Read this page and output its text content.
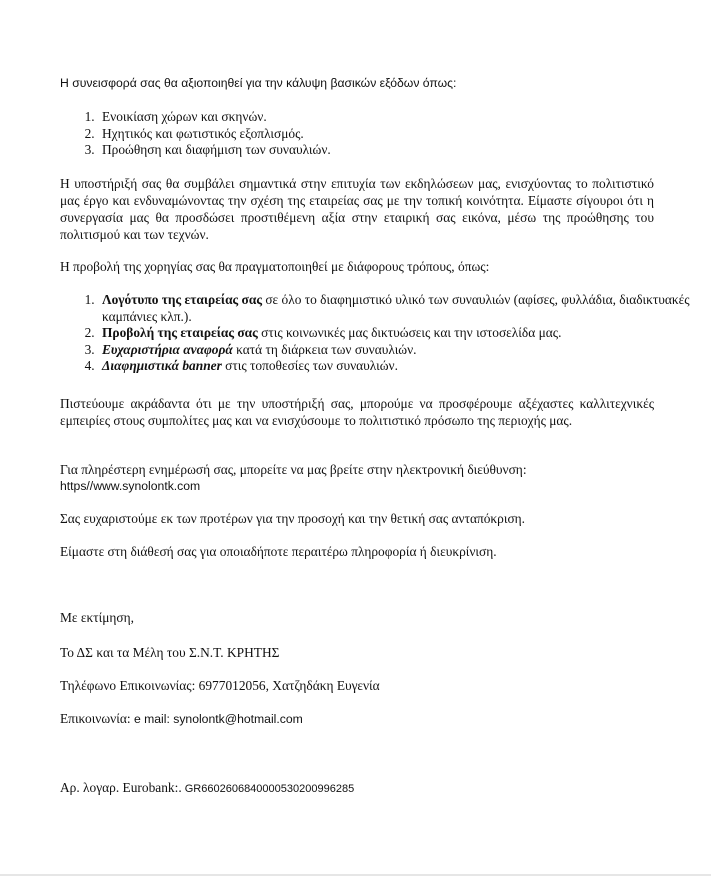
Η συνεισφορά σας θα αξιοποιηθεί για την κάλυψη βασικών εξόδων όπως:

1. Ενοικίαση χώρων και σκηνών.
2. Ηχητικός και φωτιστικός εξοπλισμός.
3. Προώθηση και διαφήμιση των συναυλιών.

Η υποστήριξή σας θα συμβάλει σημαντικά στην επιτυχία των εκδηλώσεων μας, ενισχύοντας το πολιτιστικό μας έργο και ενδυναμώνοντας την σχέση της εταιρείας σας με την τοπική κοινότητα. Είμαστε σίγουροι ότι η συνεργασία μας θα προσδώσει προστιθέμενη αξία στην εταιρική σας εικόνα, μέσω της προώθησης του πολιτισμού και των τεχνών.

Η προβολή της χορηγίας σας θα πραγματοποιηθεί με διάφορους τρόπους, όπως:

1. Λογότυπο της εταιρείας σας σε όλο το διαφημιστικό υλικό των συναυλιών (αφίσες, φυλλάδια, διαδικτυακές καμπάνιες κλπ.).
2. Προβολή της εταιρείας σας στις κοινωνικές μας δικτυώσεις και την ιστοσελίδα μας.
3. Ευχαριστήρια αναφορά κατά τη διάρκεια των συναυλιών.
4. Διαφημιστικά banner στις τοποθεσίες των συναυλιών.

Πιστεύουμε ακράδαντα ότι με την υποστήριξή σας, μπορούμε να προσφέρουμε αξέχαστες καλλιτεχνικές εμπειρίες στους συμπολίτες μας και να ενισχύσουμε το πολιτιστικό πρόσωπο της περιοχής μας.

Για πληρέστερη ενημέρωσή σας, μπορείτε να μας βρείτε στην ηλεκτρονική διεύθυνση:
https//www.synolontk.com

Σας ευχαριστούμε εκ των προτέρων για την προσοχή και την θετική σας ανταπόκριση.

Είμαστε στη διάθεσή σας για οποιαδήποτε περαιτέρω πληροφορία ή διευκρίνιση.

Με εκτίμηση,

Το ΔΣ και τα Μέλη του Σ.Ν.Τ. ΚΡΗΤΗΣ

Τηλέφωνο Επικοινωνίας: 6977012056, Χατζηδάκη Ευγενία

Επικοινωνία: e mail: synolontk@hotmail.com

Αρ. λογαρ. Eurobank:. GR6602606840000530200996285
